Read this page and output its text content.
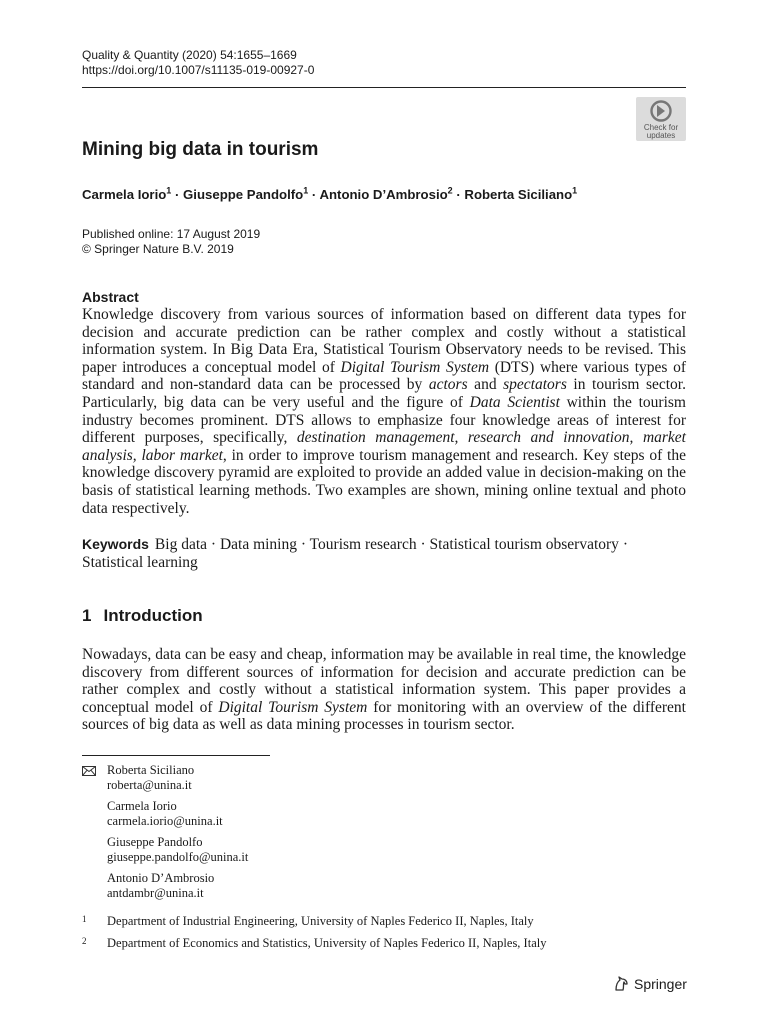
Quality & Quantity (2020) 54:1655–1669
https://doi.org/10.1007/s11135-019-00927-0
Check for
updates
Mining big data in tourism
Carmela Iorio$^1$ · Giuseppe Pandolfo$^1$ · Antonio D’Ambrosio$^2$ · Roberta Siciliano$^1$
Published online: 17 August 2019
© Springer Nature B.V. 2019
Abstract
Knowledge discovery from various sources of information based on different data types for decision and accurate prediction can be rather complex and costly without a statistical information system. In Big Data Era, Statistical Tourism Observatory needs to be revised. This paper introduces a conceptual model of Digital Tourism System (DTS) where various types of standard and non-standard data can be processed by actors and spectators in tourism sector. Particularly, big data can be very useful and the figure of Data Scientist within the tourism industry becomes prominent. DTS allows to emphasize four knowledge areas of interest for different purposes, specifically, destination management, research and innovation, market analysis, labor market, in order to improve tourism management and research. Key steps of the knowledge discovery pyramid are exploited to provide an added value in decision-making on the basis of statistical learning methods. Two examples are shown, mining online textual and photo data respectively.
Keywords Big data · Data mining · Tourism research · Statistical tourism observatory · Statistical learning
1 Introduction
Nowadays, data can be easy and cheap, information may be available in real time, the knowledge discovery from different sources of information for decision and accurate prediction can be rather complex and costly without a statistical information system. This paper provides a conceptual model of Digital Tourism System for monitoring with an overview of the different sources of big data as well as data mining processes in tourism sector.
Roberta Siciliano
roberta@unina.it
Carmela Iorio
carmela.iorio@unina.it
Giuseppe Pandolfo
giuseppe.pandolfo@unina.it
Antonio D’Ambrosio
antdambr@unina.it
1 Department of Industrial Engineering, University of Naples Federico II, Naples, Italy
2 Department of Economics and Statistics, University of Naples Federico II, Naples, Italy
Springer
